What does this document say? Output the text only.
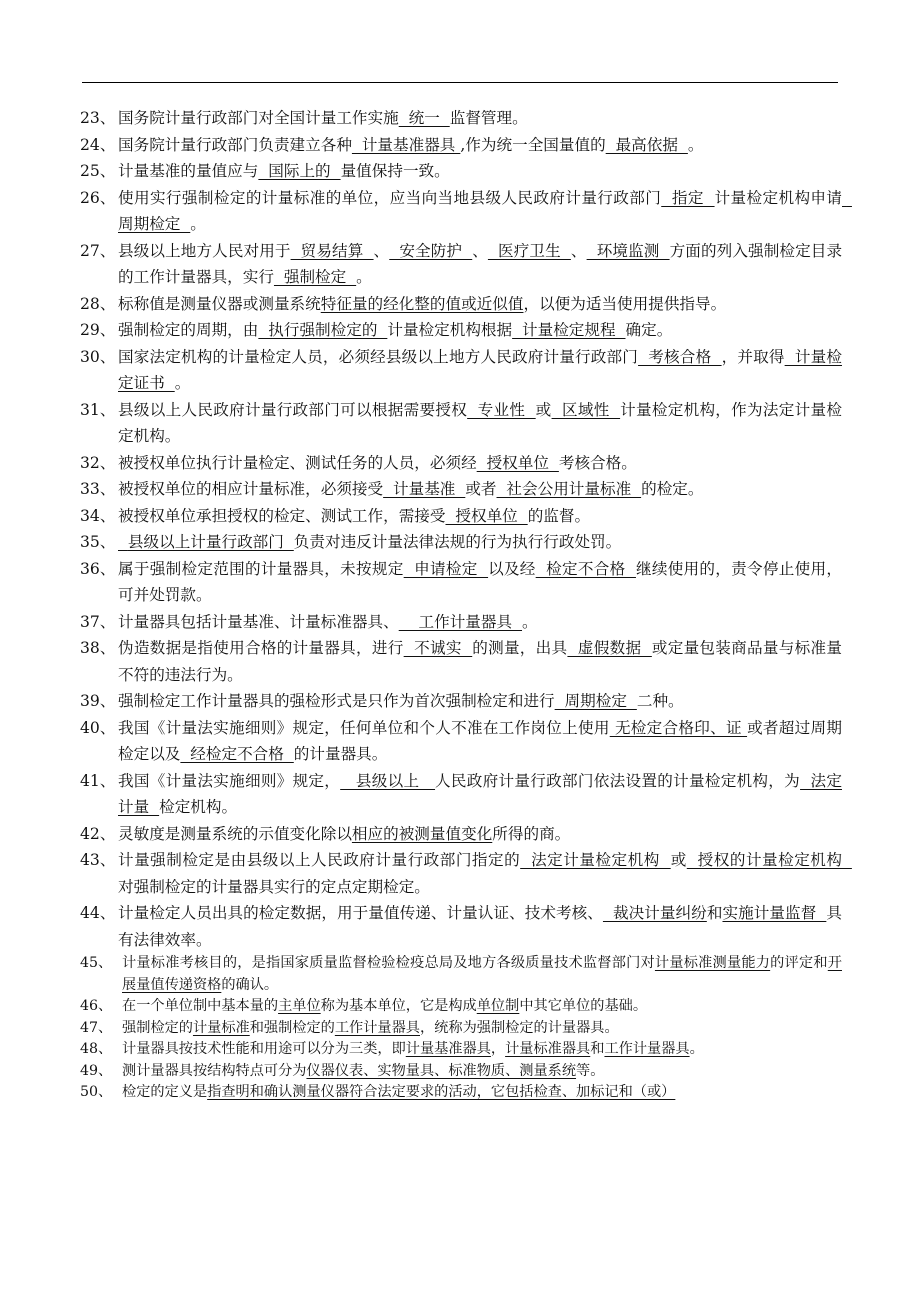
23、 国务院计量行政部门对全国计量工作实施  统一  监督管理。
24、 国务院计量行政部门负责建立各种  计量基准器具 ,作为统一全国量值的  最高依据  。
25、 计量基准的量值应与  国际上的  量值保持一致。
26、 使用实行强制检定的计量标准的单位，应当向当地县级人民政府计量行政部门  指定  计量检定机构申请  周期检定  。
27、 县级以上地方人民对用于  贸易结算  、  安全防护  、  医疗卫生  、  环境监测  方面的列入强制检定目录的工作计量器具，实行  强制检定  。
28、 标称值是测量仪器或测量系统特征量的经化整的值或近似值，以便为适当使用提供指导。
29、 强制检定的周期，由  执行强制检定的  计量检定机构根据  计量检定规程  确定。
30、 国家法定机构的计量检定人员，必须经县级以上地方人民政府计量行政部门  考核合格  ，并取得  计量检定证书  。
31、 县级以上人民政府计量行政部门可以根据需要授权  专业性  或  区域性  计量检定机构，作为法定计量检定机构。
32、 被授权单位执行计量检定、测试任务的人员，必须经  授权单位  考核合格。
33、 被授权单位的相应计量标准，必须接受  计量基准  或者  社会公用计量标准  的检定。
34、 被授权单位承担授权的检定、测试工作，需接受  授权单位  的监督。
35、 县级以上计量行政部门  负责对违反计量法律法规的行为执行行政处罚。
36、 属于强制检定范围的计量器具，未按规定  申请检定  以及经  检定不合格  继续使用的，责令停止使用，可并处罚款。
37、 计量器具包括计量基准、计量标准器具、    工作计量器具  。
38、 伪造数据是指使用合格的计量器具，进行  不诚实  的测量，出具  虚假数据  或定量包装商品量与标准量不符的违法行为。
39、 强制检定工作计量器具的强检形式是只作为首次强制检定和进行  周期检定  二种。
40、 我国《计量法实施细则》规定，任何单位和个人不准在工作岗位上使用 无检定合格印、证 或者超过周期检定以及  经检定不合格  的计量器具。
41、 我国《计量法实施细则》规定，   县级以上   人民政府计量行政部门依法设置的计量检定机构，为  法定计量  检定机构。
42、 灵敏度是测量系统的示值变化除以相应的被测量值变化所得的商。
43、 计量强制检定是由县级以上人民政府计量行政部门指定的  法定计量检定机构  或  授权的计量检定机构  对强制检定的计量器具实行的定点定期检定。
44、 计量检定人员出具的检定数据，用于量值传递、计量认证、技术考核、  裁决计量纠纷和实施计量监督  具有法律效率。
45、 计量标准考核目的，是指国家质量监督检验检疫总局及地方各级质量技术监督部门对计量标准测量能力的评定和开展量值传递资格的确认。
46、 在一个单位制中基本量的主单位称为基本单位，它是构成单位制中其它单位的基础。
47、 强制检定的计量标准和强制检定的工作计量器具，统称为强制检定的计量器具。
48、 计量器具按技术性能和用途可以分为三类，即计量基准器具，计量标准器具和工作计量器具。
49、 测计量器具按结构特点可分为仪器仪表、实物量具、标准物质、测量系统等。
50、 检定的定义是指查明和确认测量仪器符合法定要求的活动，它包括检查、加标记和（或）
